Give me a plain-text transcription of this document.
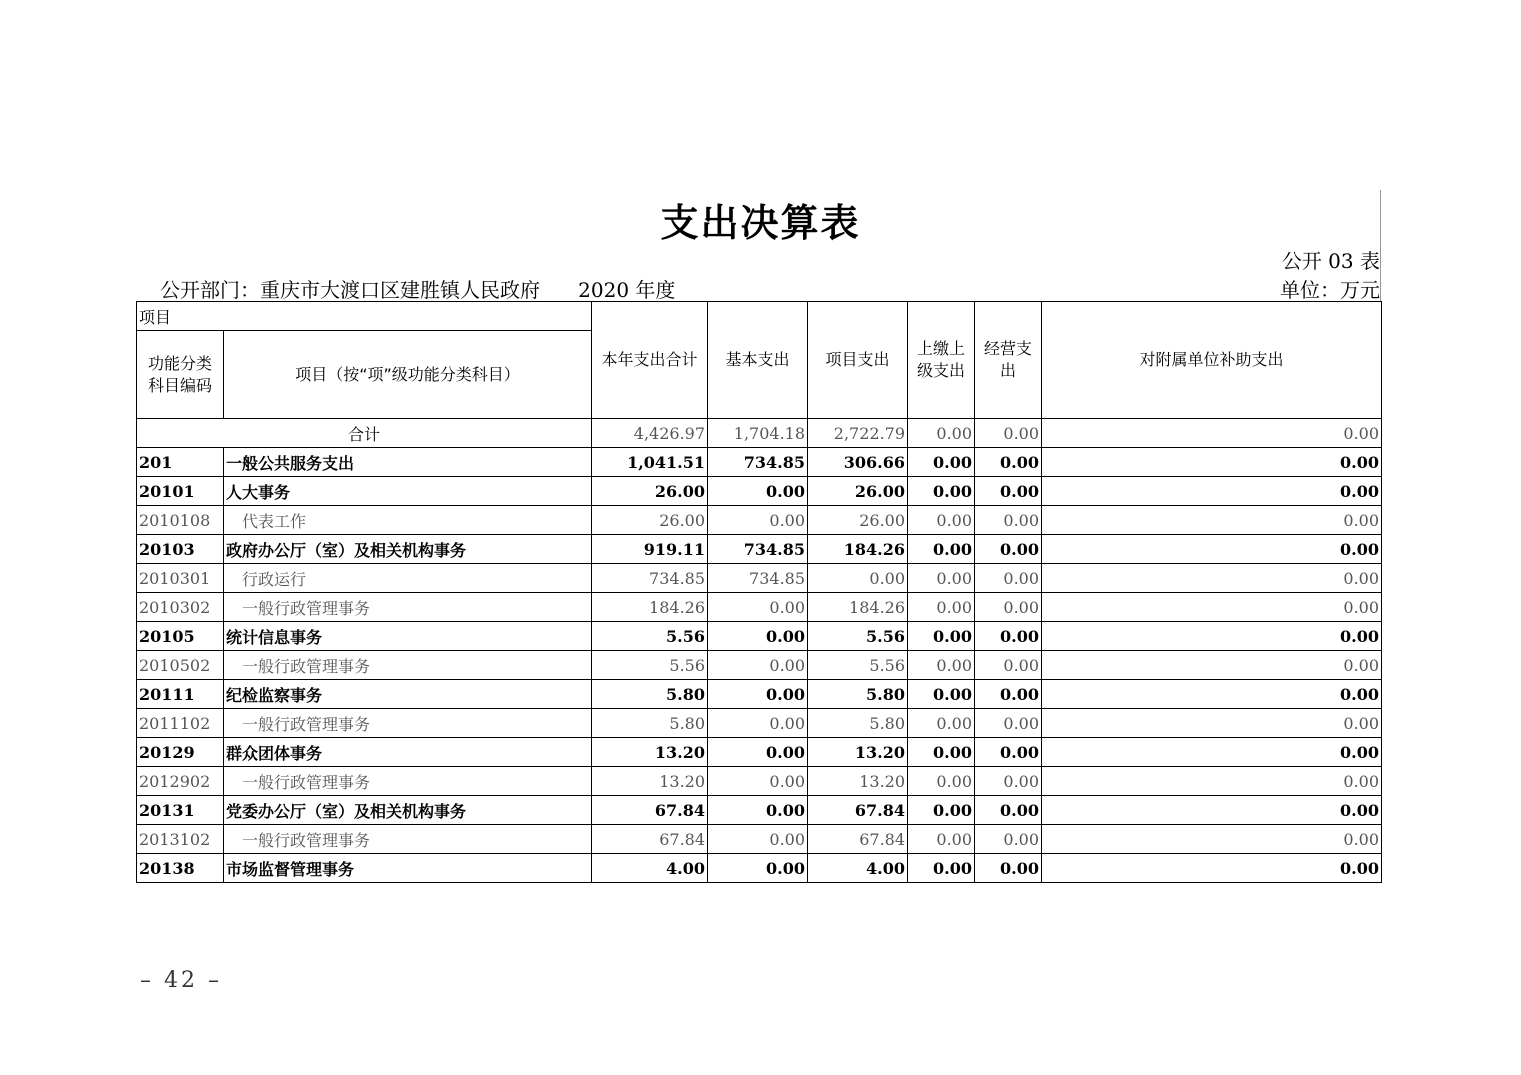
支出决算表
公开 03 表
公开部门：重庆市大渡口区建胜镇人民政府 2020 年度	单位：万元
项目		本年支出合计	基本支出	项目支出	上缴上
级支出	经营支
出	对附属单位补助支出
功能分类
科目编码	项目（按“项”级功能分类科目）						
合计		4,426.97	1,704.18	2,722.79	0.00	0.00	0.00
201	一般公共服务支出	1,041.51	734.85	306.66	0.00	0.00	0.00
20101	人大事务	26.00	0.00	26.00	0.00	0.00	0.00
2010108	代表工作	26.00	0.00	26.00	0.00	0.00	0.00
20103	政府办公厅（室）及相关机构事务	919.11	734.85	184.26	0.00	0.00	0.00
2010301	行政运行	734.85	734.85	0.00	0.00	0.00	0.00
2010302	一般行政管理事务	184.26	0.00	184.26	0.00	0.00	0.00
20105	统计信息事务	5.56	0.00	5.56	0.00	0.00	0.00
2010502	一般行政管理事务	5.56	0.00	5.56	0.00	0.00	0.00
20111	纪检监察事务	5.80	0.00	5.80	0.00	0.00	0.00
2011102	一般行政管理事务	5.80	0.00	5.80	0.00	0.00	0.00
20129	群众团体事务	13.20	0.00	13.20	0.00	0.00	0.00
2012902	一般行政管理事务	13.20	0.00	13.20	0.00	0.00	0.00
20131	党委办公厅（室）及相关机构事务	67.84	0.00	67.84	0.00	0.00	0.00
2013102	一般行政管理事务	67.84	0.00	67.84	0.00	0.00	0.00
20138	市场监督管理事务	4.00	0.00	4.00	0.00	0.00	0.00
– 42 –
